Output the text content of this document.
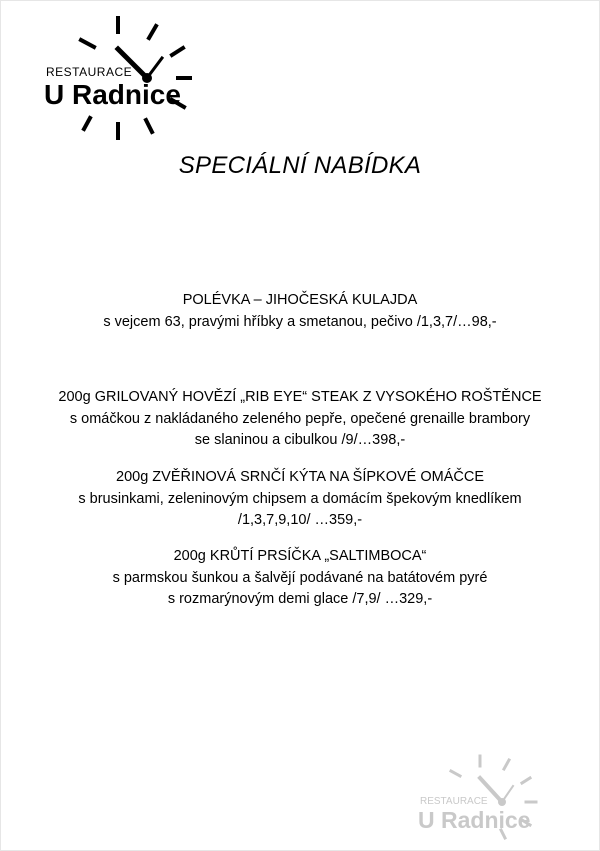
RESTAURACE
U Radnice
SPECIÁLNÍ NABÍDKA
POLÉVKA – JIHOČESKÁ KULAJDA
s vejcem 63, pravými hříbky a smetanou, pečivo /1,3,7/…98,-
200g GRILOVANÝ HOVĚZÍ „RIB EYE“ STEAK Z VYSOKÉHO ROŠTĚNCE
s omáčkou z nakládaného zeleného pepře, opečené grenaille brambory
se slaninou a cibulkou /9/…398,-
200g ZVĚŘINOVÁ SRNČÍ KÝTA NA ŠÍPKOVÉ OMÁČCE
s brusinkami, zeleninovým chipsem a domácím špekovým knedlíkem
/1,3,7,9,10/ …359,-
200g KRŮTÍ PRSÍČKA „SALTIMBOCA“
s parmskou šunkou a šalvějí podávané na batátovém pyré
s rozmarýnovým demi glace /7,9/ …329,-
RESTAURACE
U Radnice
